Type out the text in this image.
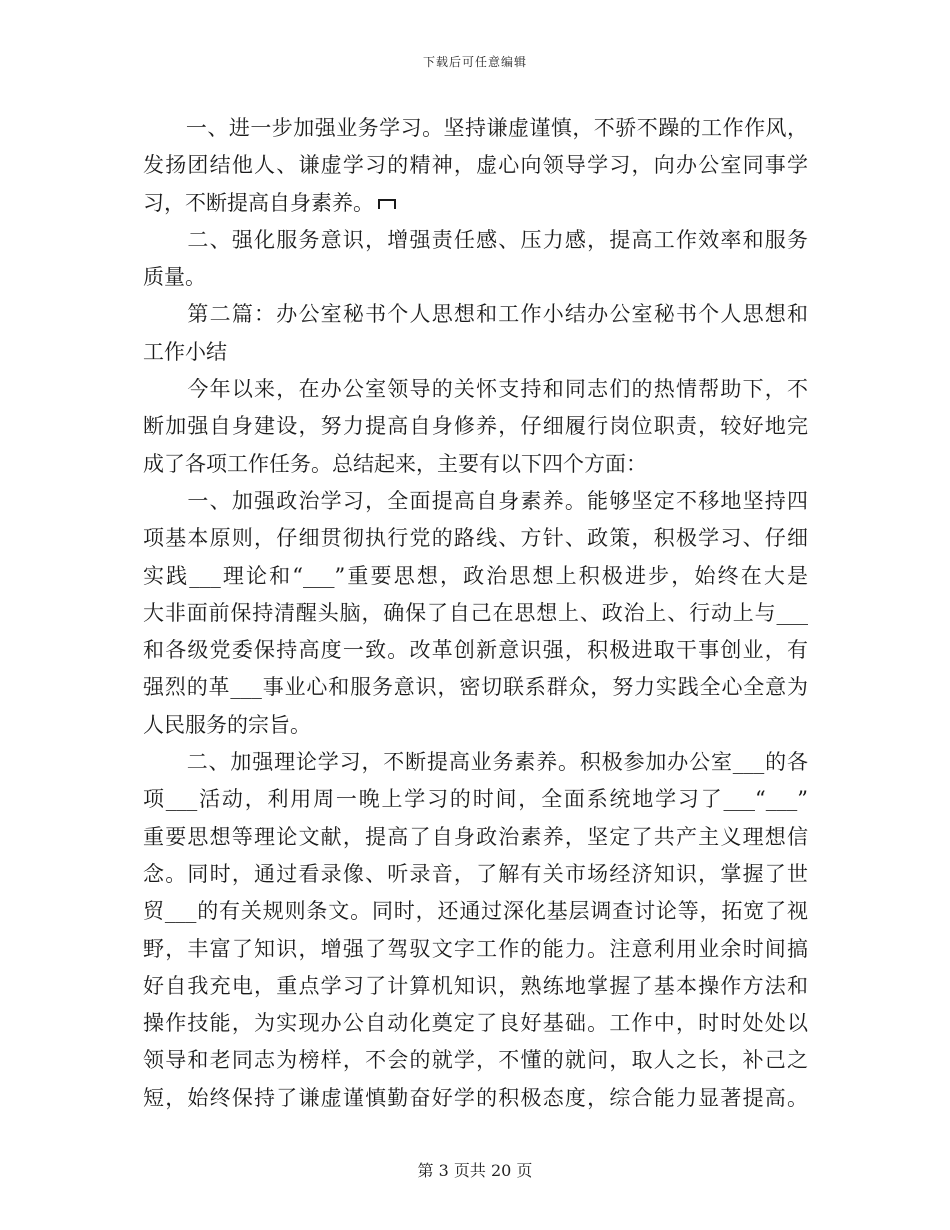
下载后可任意编辑
　　一、进一步加强业务学习。坚持谦虚谨慎，不骄不躁的工作作风，
发扬团结他人、谦虚学习的精神，虚心向领导学习，向办公室同事学
习，不断提高自身素养。
　　二、强化服务意识，增强责任感、压力感，提高工作效率和服务
质量。
　　第二篇：办公室秘书个人思想和工作小结办公室秘书个人思想和
工作小结
　　今年以来，在办公室领导的关怀支持和同志们的热情帮助下，不
断加强自身建设，努力提高自身修养，仔细履行岗位职责，较好地完
成了各项工作任务。总结起来，主要有以下四个方面：
　　一、加强政治学习，全面提高自身素养。能够坚定不移地坚持四
项基本原则，仔细贯彻执行党的路线、方针、政策，积极学习、仔细
实践___理论和“___”重要思想，政治思想上积极进步，始终在大是
大非面前保持清醒头脑，确保了自己在思想上、政治上、行动上与___
和各级党委保持高度一致。改革创新意识强，积极进取干事创业，有
强烈的革___事业心和服务意识，密切联系群众，努力实践全心全意为
人民服务的宗旨。
　　二、加强理论学习，不断提高业务素养。积极参加办公室___的各
项___活动，利用周一晚上学习的时间，全面系统地学习了___“___”
重要思想等理论文献，提高了自身政治素养，坚定了共产主义理想信
念。同时，通过看录像、听录音，了解有关市场经济知识，掌握了世
贸___的有关规则条文。同时，还通过深化基层调查讨论等，拓宽了视
野，丰富了知识，增强了驾驭文字工作的能力。注意利用业余时间搞
好自我充电，重点学习了计算机知识，熟练地掌握了基本操作方法和
操作技能，为实现办公自动化奠定了良好基础。工作中，时时处处以
领导和老同志为榜样，不会的就学，不懂的就问，取人之长，补己之
短，始终保持了谦虚谨慎勤奋好学的积极态度，综合能力显著提高。
第 3 页共 20 页
